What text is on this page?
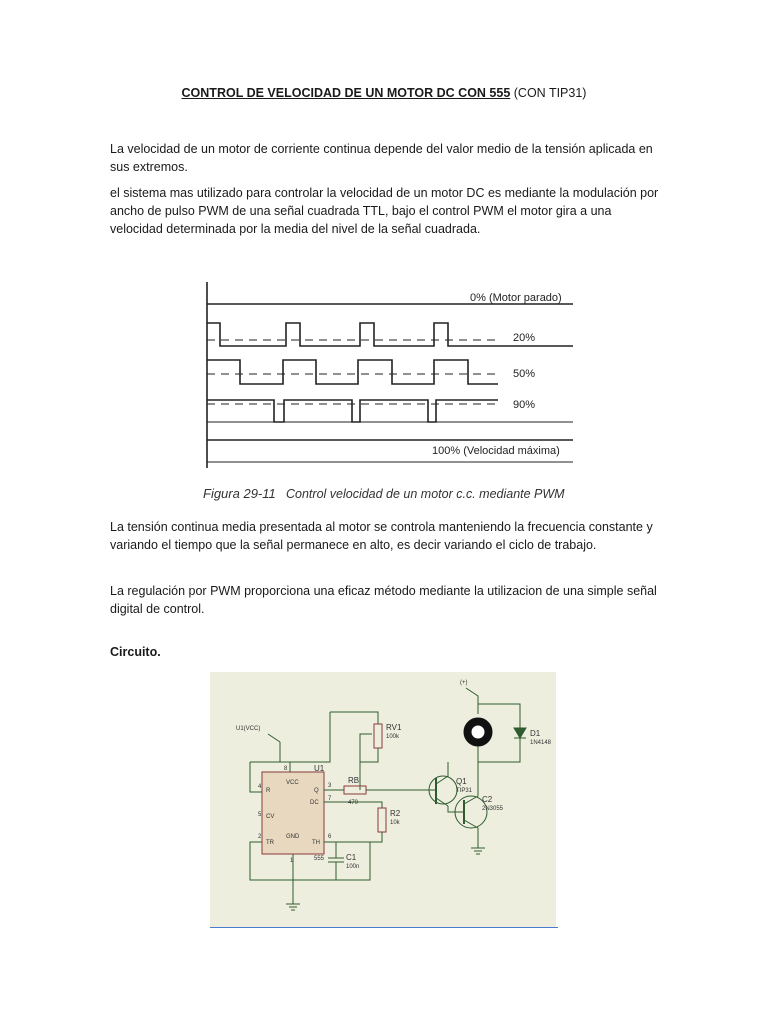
CONTROL DE VELOCIDAD DE UN MOTOR DC CON 555 (CON TIP31)

La velocidad de un motor de corriente continua depende del valor medio de la tensión aplicada en sus extremos.

el sistema mas utilizado para controlar la velocidad de un motor DC es mediante la modulación por ancho de pulso PWM de una señal cuadrada TTL, bajo el control PWM el motor gira a una velocidad determinada por la media del nivel de la señal cuadrada.

0% (Motor parado)
20%
50%
90%
100% (Velocidad máxima)
Figura 29-11 Control velocidad de un motor c.c. mediante PWM

La tensión continua media presentada al motor se controla manteniendo la frecuencia constante y variando el tiempo que la señal permanece en alto, es decir variando el ciclo de trabajo.

La regulación por PWM proporciona una eficaz método mediante la utilizacion de una simple señal digital de control.

Circuito.
(+)
U1(VCC)
U1
R
VCC
Q
DC
CV
GND
TR	TH
4
8
3
7
5
2	6
1
RV1
100k
RB
470
R2
10k
555	C1
100n
Q1
TIP31
C2
2N3055
D1
1N4148
